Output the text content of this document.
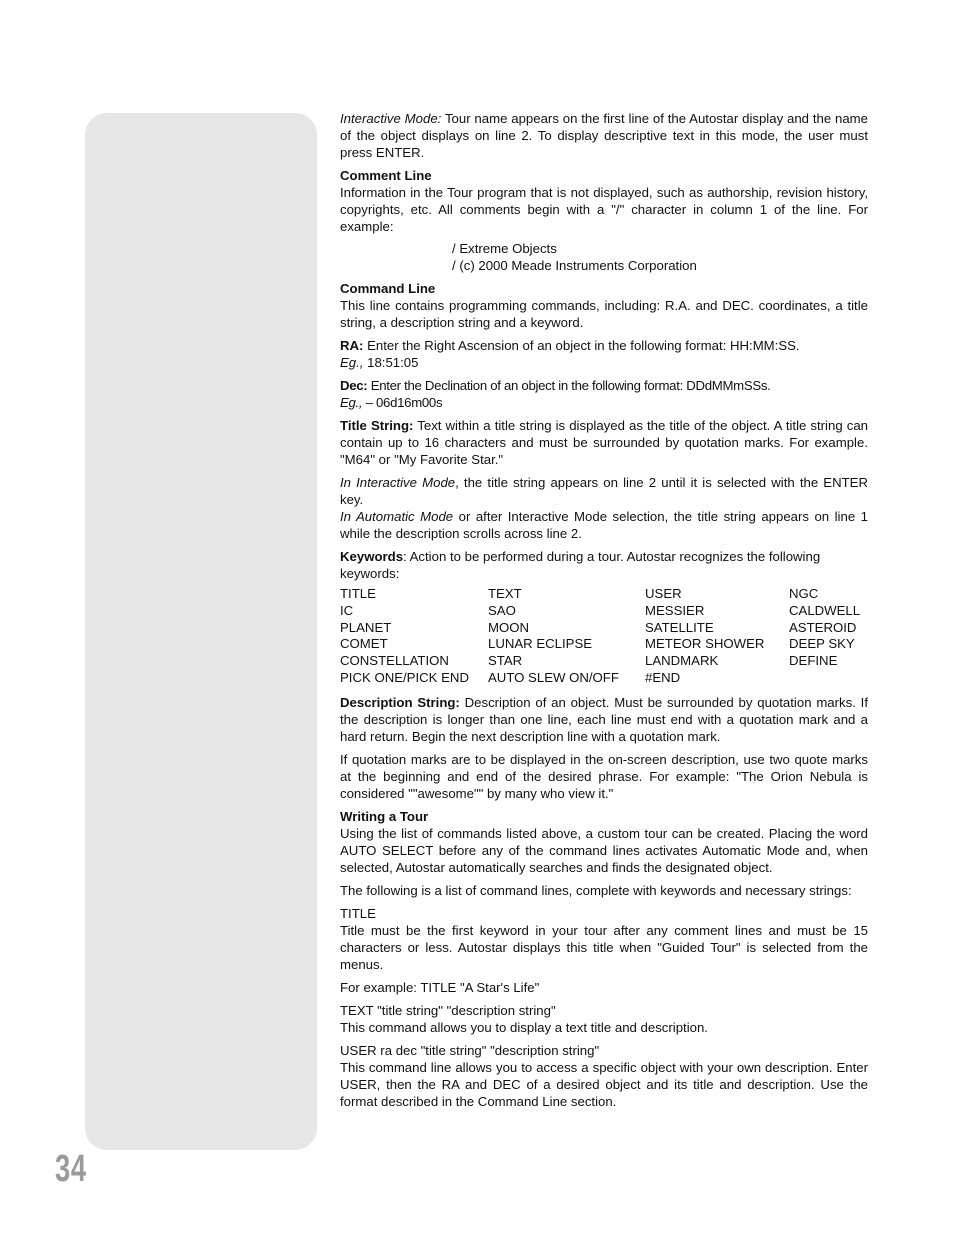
34

Interactive Mode: Tour name appears on the first line of the Autostar display and the name of the object displays on line 2. To display descriptive text in this mode, the user must press ENTER.

Comment Line
Information in the Tour program that is not displayed, such as authorship, revision history, copyrights, etc. All comments begin with a "/" character in column 1 of the line. For example:

/ Extreme Objects
/ (c) 2000 Meade Instruments Corporation

Command Line
This line contains programming commands, including: R.A. and DEC. coordinates, a title string, a description string and a keyword.

RA: Enter the Right Ascension of an object in the following format: HH:MM:SS.
Eg., 18:51:05

Dec: Enter the Declination of an object in the following format: DDdMMmSSs.
Eg., – 06d16m00s

Title String: Text within a title string is displayed as the title of the object. A title string can contain up to 16 characters and must be surrounded by quotation marks. For example. "M64" or "My Favorite Star."

In Interactive Mode, the title string appears on line 2 until it is selected with the ENTER key.
In Automatic Mode or after Interactive Mode selection, the title string appears on line 1 while the description scrolls across line 2.

Keywords: Action to be performed during a tour. Autostar recognizes the following keywords:

TITLE	TEXT	USER	NGC
IC	SAO	MESSIER	CALDWELL
PLANET	MOON	SATELLITE	ASTEROID
COMET	LUNAR ECLIPSE	METEOR SHOWER	DEEP SKY
CONSTELLATION	STAR	LANDMARK	DEFINE
PICK ONE/PICK END	AUTO SLEW ON/OFF	#END	

Description String: Description of an object. Must be surrounded by quotation marks. If the description is longer than one line, each line must end with a quotation mark and a hard return. Begin the next description line with a quotation mark.

If quotation marks are to be displayed in the on-screen description, use two quote marks at the beginning and end of the desired phrase. For example: "The Orion Nebula is considered ""awesome"" by many who view it."

Writing a Tour
Using the list of commands listed above, a custom tour can be created. Placing the word AUTO SELECT before any of the command lines activates Automatic Mode and, when selected, Autostar automatically searches and finds the designated object.

The following is a list of command lines, complete with keywords and necessary strings:

TITLE
Title must be the first keyword in your tour after any comment lines and must be 15 characters or less. Autostar displays this title when "Guided Tour" is selected from the menus.

For example: TITLE "A Star's Life"

TEXT "title string" "description string"
This command allows you to display a text title and description.

USER ra dec "title string" "description string"
This command line allows you to access a specific object with your own description. Enter USER, then the RA and DEC of a desired object and its title and description. Use the format described in the Command Line section.
